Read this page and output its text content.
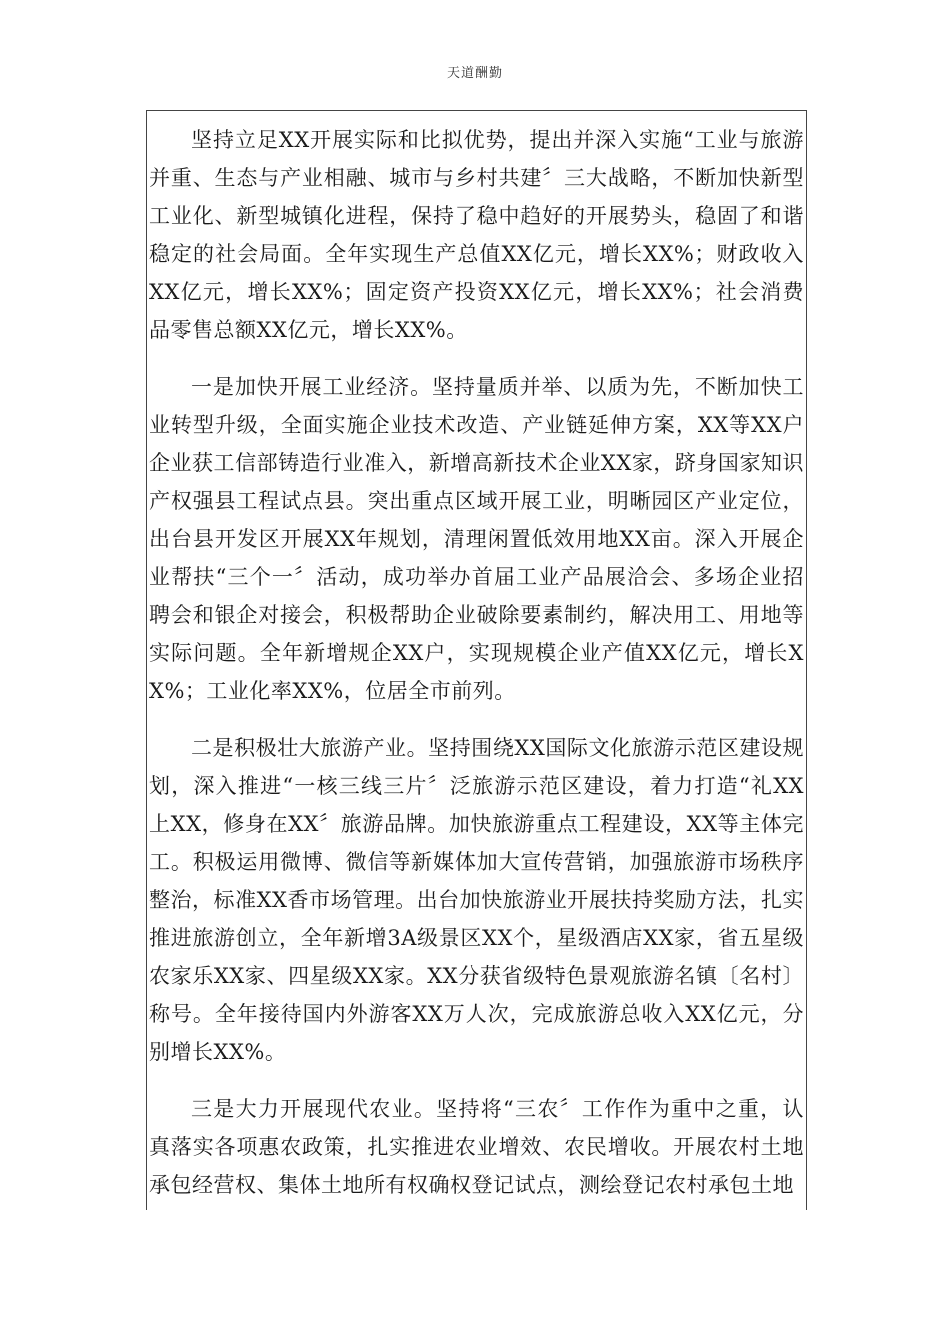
天道酬勤

坚持立足XX开展实际和比拟优势，提出并深入实施“工业与旅游并重、生态与产业相融、城市与乡村共建〞三大战略，不断加快新型工业化、新型城镇化进程，保持了稳中趋好的开展势头，稳固了和谐稳定的社会局面。全年实现生产总值XX亿元，增长XX%；财政收入XX亿元，增长XX%；固定资产投资XX亿元，增长XX%；社会消费品零售总额XX亿元，增长XX%。

一是加快开展工业经济。坚持量质并举、以质为先，不断加快工业转型升级，全面实施企业技术改造、产业链延伸方案，XX等XX户企业获工信部铸造行业准入，新增高新技术企业XX家，跻身国家知识产权强县工程试点县。突出重点区域开展工业，明晰园区产业定位，出台县开发区开展XX年规划，清理闲置低效用地XX亩。深入开展企业帮扶“三个一〞活动，成功举办首届工业产品展洽会、多场企业招聘会和银企对接会，积极帮助企业破除要素制约，解决用工、用地等实际问题。全年新增规企XX户，实现规模企业产值XX亿元，增长XX%；工业化率XX%，位居全市前列。

二是积极壮大旅游产业。坚持围绕XX国际文化旅游示范区建设规划，深入推进“一核三线三片〞泛旅游示范区建设，着力打造“礼XX上XX，修身在XX〞旅游品牌。加快旅游重点工程建设，XX等主体完工。积极运用微博、微信等新媒体加大宣传营销，加强旅游市场秩序整治，标准XX香市场管理。出台加快旅游业开展扶持奖励方法，扎实推进旅游创立，全年新增3A级景区XX个，星级酒店XX家，省五星级农家乐XX家、四星级XX家。XX分获省级特色景观旅游名镇〔名村〕称号。全年接待国内外游客XX万人次，完成旅游总收入XX亿元，分别增长XX%。

三是大力开展现代农业。坚持将“三农〞工作作为重中之重，认真落实各项惠农政策，扎实推进农业增效、农民增收。开展农村土地承包经营权、集体土地所有权确权登记试点，测绘登记农村承包土地
